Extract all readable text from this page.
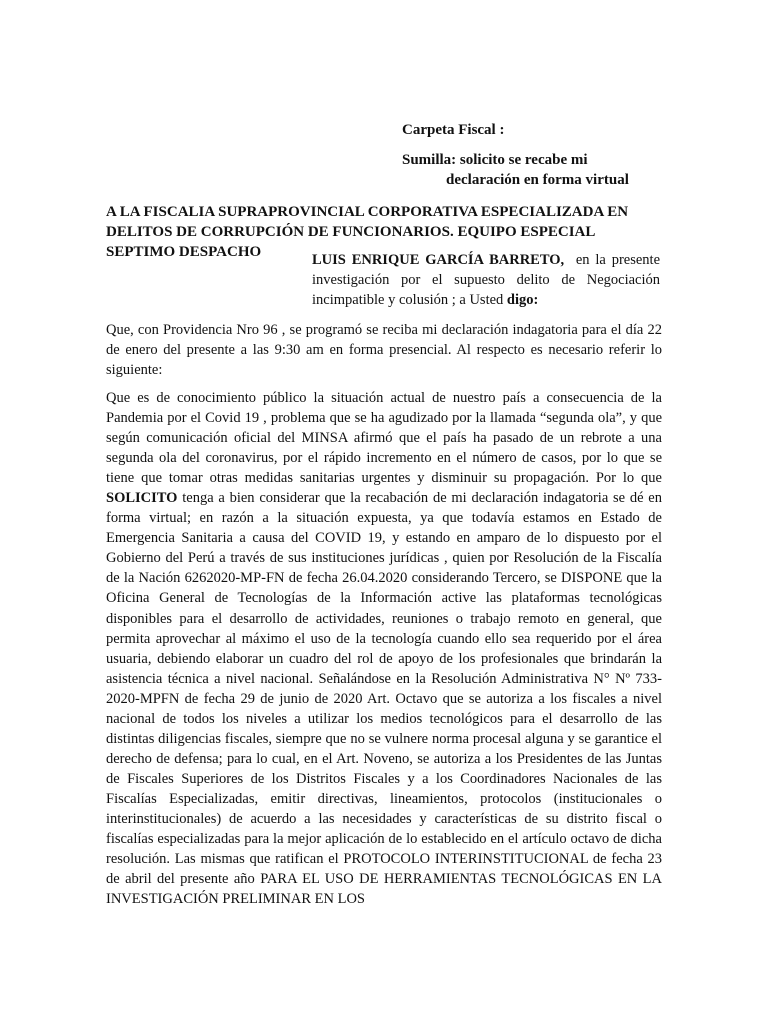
Carpeta Fiscal :
Sumilla: solicito se recabe mi
declaración en forma virtual
A LA FISCALIA SUPRAPROVINCIAL CORPORATIVA ESPECIALIZADA EN DELITOS DE CORRUPCIÓN DE FUNCIONARIOS. EQUIPO ESPECIAL SEPTIMO DESPACHO	LUIS ENRIQUE GARCÍA BARRETO, en la presente investigación por el supuesto delito de Negociación incimpatible y colusión ; a Usted digo:
Que, con Providencia Nro 96 , se programó se reciba mi declaración indagatoria para el día 22 de enero del presente a las 9:30 am en forma presencial. Al respecto es necesario referir lo siguiente:
Que es de conocimiento público la situación actual de nuestro país a consecuencia de la Pandemia por el Covid 19 , problema que se ha agudizado por la llamada “segunda ola”, y que según comunicación oficial del MINSA afirmó que el país ha pasado de un rebrote a una segunda ola del coronavirus, por el rápido incremento en el número de casos, por lo que se tiene que tomar otras medidas sanitarias urgentes y disminuir su propagación. Por lo que SOLICITO tenga a bien considerar que la recabación de mi declaración indagatoria se dé en forma virtual; en razón a la situación expuesta, ya que todavía estamos en Estado de Emergencia Sanitaria a causa del COVID 19, y estando en amparo de lo dispuesto por el Gobierno del Perú a través de sus instituciones jurídicas , quien por Resolución de la Fiscalía de la Nación 6262020-MP-FN de fecha 26.04.2020 considerando Tercero, se DISPONE que la Oficina General de Tecnologías de la Información active las plataformas tecnológicas disponibles para el desarrollo de actividades, reuniones o trabajo remoto en general, que permita aprovechar al máximo el uso de la tecnología cuando ello sea requerido por el área usuaria, debiendo elaborar un cuadro del rol de apoyo de los profesionales que brindarán la asistencia técnica a nivel nacional. Señalándose en la Resolución Administrativa N° Nº 733-2020-MPFN de fecha 29 de junio de 2020 Art. Octavo que se autoriza a los fiscales a nivel nacional de todos los niveles a utilizar los medios tecnológicos para el desarrollo de las distintas diligencias fiscales, siempre que no se vulnere norma procesal alguna y se garantice el derecho de defensa; para lo cual, en el Art. Noveno, se autoriza a los Presidentes de las Juntas de Fiscales Superiores de los Distritos Fiscales y a los Coordinadores Nacionales de las Fiscalías Especializadas, emitir directivas, lineamientos, protocolos (institucionales o interinstitucionales) de acuerdo a las necesidades y características de su distrito fiscal o fiscalías especializadas para la mejor aplicación de lo establecido en el artículo octavo de dicha resolución. Las mismas que ratifican el PROTOCOLO INTERINSTITUCIONAL de fecha 23 de abril del presente año PARA EL USO DE HERRAMIENTAS TECNOLÓGICAS EN LA INVESTIGACIÓN PRELIMINAR EN LOS
